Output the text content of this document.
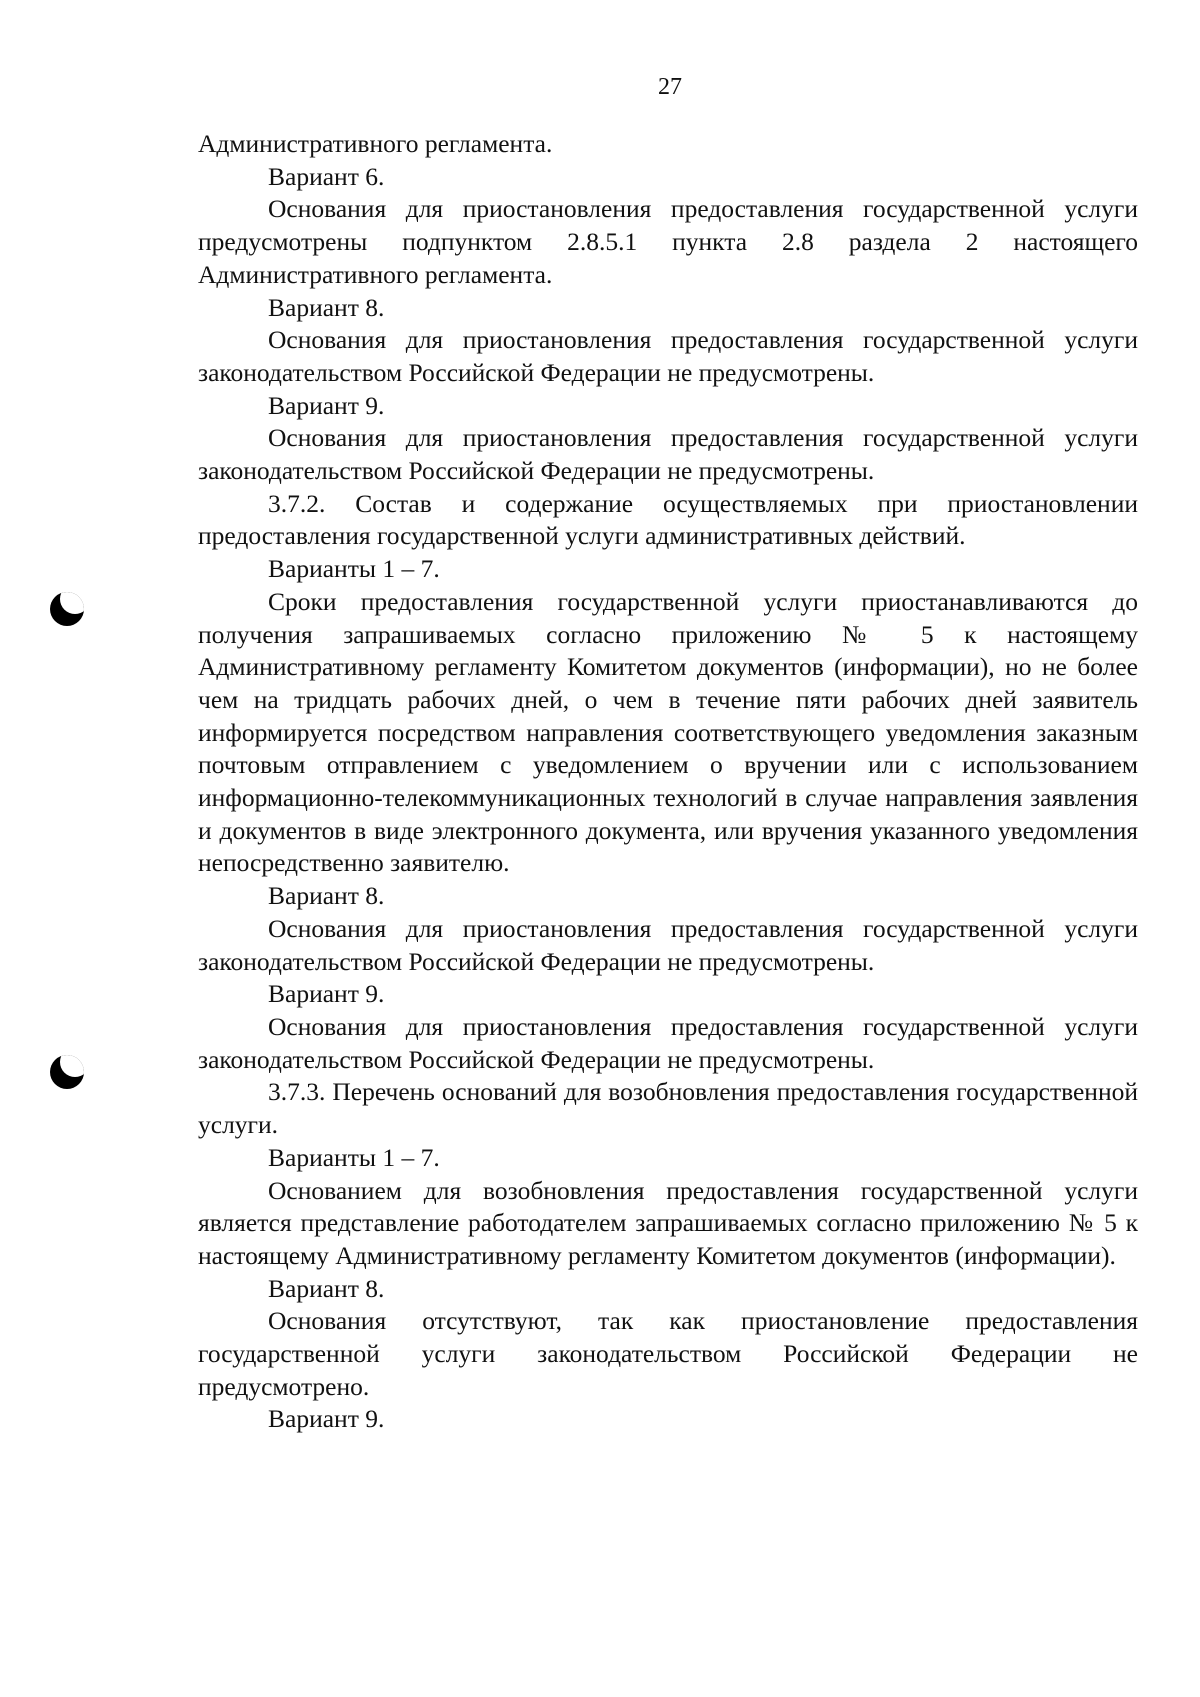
27

Административного регламента.

Вариант 6.

Основания для приостановления предоставления государственной услуги предусмотрены подпунктом 2.8.5.1 пункта 2.8 раздела 2 настоящего Административного регламента.

Вариант 8.

Основания для приостановления предоставления государственной услуги законодательством Российской Федерации не предусмотрены.

Вариант 9.

Основания для приостановления предоставления государственной услуги законодательством Российской Федерации не предусмотрены.

3.7.2. Состав и содержание осуществляемых при приостановлении предоставления государственной услуги административных действий.

Варианты 1 – 7.

Сроки предоставления государственной услуги приостанавливаются до получения запрашиваемых согласно приложению № 5 к настоящему Административному регламенту Комитетом документов (информации), но не более чем на тридцать рабочих дней, о чем в течение пяти рабочих дней заявитель информируется посредством направления соответствующего уведомления заказным почтовым отправлением с уведомлением о вручении или с использованием информационно-телекоммуникационных технологий в случае направления заявления и документов в виде электронного документа, или вручения указанного уведомления непосредственно заявителю.

Вариант 8.

Основания для приостановления предоставления государственной услуги законодательством Российской Федерации не предусмотрены.

Вариант 9.

Основания для приостановления предоставления государственной услуги законодательством Российской Федерации не предусмотрены.

3.7.3. Перечень оснований для возобновления предоставления государственной услуги.

Варианты 1 – 7.

Основанием для возобновления предоставления государственной услуги является представление работодателем запрашиваемых согласно приложению № 5 к настоящему Административному регламенту Комитетом документов (информации).

Вариант 8.

Основания отсутствуют, так как приостановление предоставления государственной услуги законодательством Российской Федерации не предусмотрено.

Вариант 9.
